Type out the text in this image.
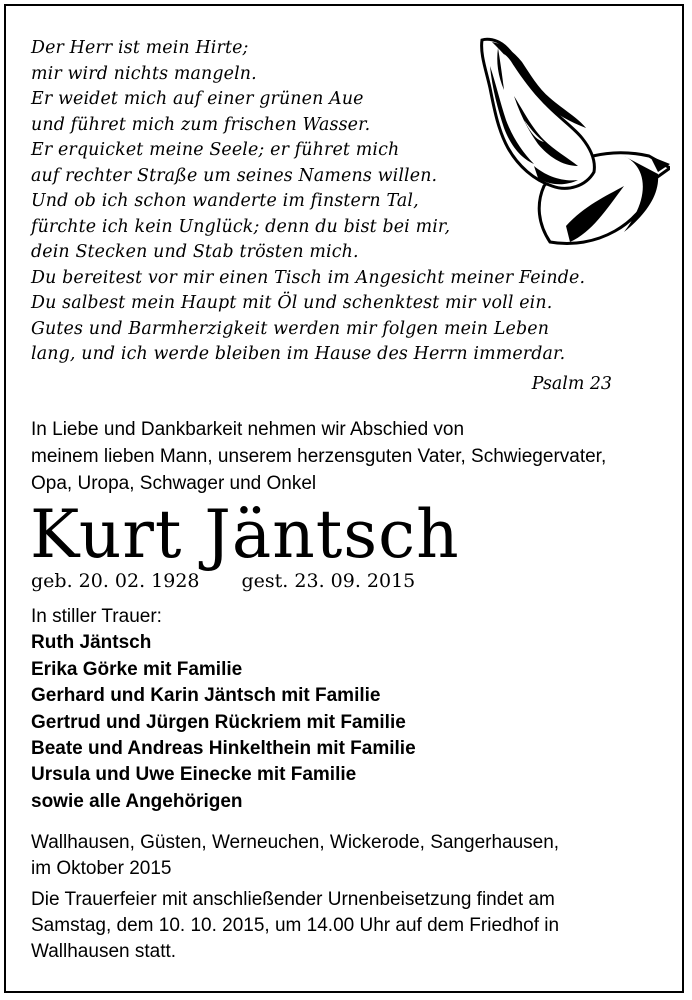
Der Herr ist mein Hirte;
mir wird nichts mangeln.
Er weidet mich auf einer grünen Aue
und führet mich zum frischen Wasser.
Er erquicket meine Seele; er führet mich
auf rechter Straße um seines Namens willen.
Und ob ich schon wanderte im finstern Tal,
fürchte ich kein Unglück; denn du bist bei mir,
dein Stecken und Stab trösten mich.
Du bereitest vor mir einen Tisch im Angesicht meiner Feinde.
Du salbest mein Haupt mit Öl und schenktest mir voll ein.
Gutes und Barmherzigkeit werden mir folgen mein Leben
lang, und ich werde bleiben im Hause des Herrn immerdar.
Psalm 23
In Liebe und Dankbarkeit nehmen wir Abschied von
meinem lieben Mann, unserem herzensguten Vater, Schwiegervater,
Opa, Uropa, Schwager und Onkel
Kurt Jäntsch
geb. 20. 02. 1928 gest. 23. 09. 2015
In stiller Trauer:
Ruth Jäntsch
Erika Görke mit Familie
Gerhard und Karin Jäntsch mit Familie
Gertrud und Jürgen Rückriem mit Familie
Beate und Andreas Hinkelthein mit Familie
Ursula und Uwe Einecke mit Familie
sowie alle Angehörigen
Wallhausen, Güsten, Werneuchen, Wickerode, Sangerhausen,
im Oktober 2015
Die Trauerfeier mit anschließender Urnenbeisetzung findet am
Samstag, dem 10. 10. 2015, um 14.00 Uhr auf dem Friedhof in
Wallhausen statt.
